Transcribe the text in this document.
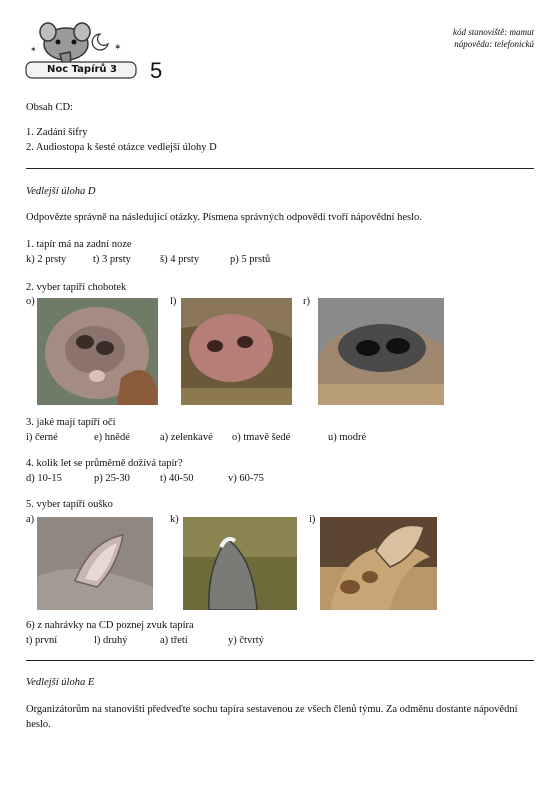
✶
✶
Noc Tapírů 3	5
kód stanoviště: mamut
nápověda: telefonická
Obsah CD:
1. Zadání šifry
2. Audiostopa k šesté otázce vedlejší úlohy D
Vedlejší úloha D
Odpovězte správně na následující otázky. Písmena správných odpovědí tvoří nápovědní heslo.
1. tapír má na zadní noze
k) 2 prsty	t) 3 prsty	š) 4 prsty	p) 5 prstů
2. vyber tapíří chobotek
o)	l)	r)
3. jaké mají tapíří oči
i) černé	e) hnědé	a) zelenkavé o) tmavě šedé	u) modré
4. kolik let se průměrně dožívá tapír?
d) 10-15	p) 25-30	t) 40-50	v) 60-75
5. vyber tapíří ouško
a)	k)	i)
6) z nahrávky na CD poznej zvuk tapíra
t) první	l) druhý	a) třetí	y) čtvrtý
Vedlejší úloha E
Organizátorům na stanovišti předveďte sochu tapíra sestavenou ze všech členů týmu. Za odměnu dostante nápovědní heslo.
